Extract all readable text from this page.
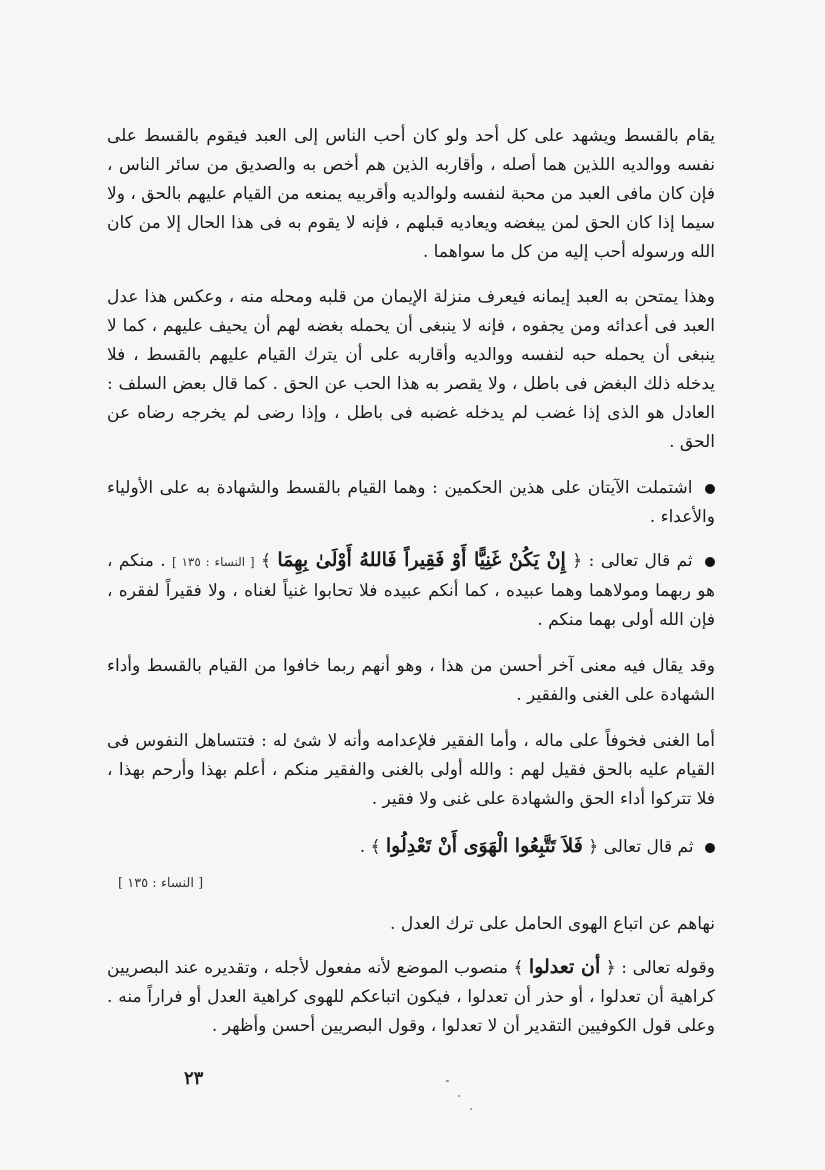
يقام بالقسط ويشهد على كل أحد ولو كان أحب الناس إلى العبد فيقوم بالقسط على نفسه ووالديه اللذين هما أصله ، وأقاربه الذين هم أخص به والصديق من سائر الناس ، فإن كان مافى العبد من محبة لنفسه ولوالديه وأقربيه يمنعه من القيام عليهم بالحق ، ولا سيما إذا كان الحق لمن يبغضه ويعاديه قبلهم ، فإنه لا يقوم به فى هذا الحال إلا من كان الله ورسوله أحب إليه من كل ما سواهما .
وهذا يمتحن به العبد إيمانه فيعرف منزلة الإيمان من قلبه ومحله منه ، وعكس هذا عدل العبد فى أعدائه ومن يجفوه ، فإنه لا ينبغى أن يحمله بغضه لهم أن يحيف عليهم ، كما لا ينبغى أن يحمله حبه لنفسه ووالديه وأقاربه على أن يترك القيام عليهم بالقسط ، فلا يدخله ذلك البغض فى باطل ، ولا يقصر به هذا الحب عن الحق . كما قال بعض السلف : العادل هو الذى إذا غضب لم يدخله غضبه فى باطل ، وإذا رضى لم يخرجه رضاه عن الحق .
اشتملت الآيتان على هذين الحكمين : وهما القيام بالقسط والشهادة به على الأولياء والأعداء .
ثم قال تعالى : ﴿ إِنْ يَكُنْ غَنِيًّا أَوْ فَقِيراً فَاللهُ أَوْلَىٰ بِهِمَا ﴾ [ النساء : ١٣٥ ] . منكم ، هو ربهما ومولاهما وهما عبيده ، كما أنكم عبيده فلا تحابوا غنياً لغناه ، ولا فقيراً لفقره ، فإن الله أولى بهما منكم .
وقد يقال فيه معنى آخر أحسن من هذا ، وهو أنهم ربما خافوا من القيام بالقسط وأداء الشهادة على الغنى والفقير .
أما الغنى فخوفاً على ماله ، وأما الفقير فلإعدامه وأنه لا شئ له : فتتساهل النفوس فى القيام عليه بالحق فقيل لهم : والله أولى بالغنى والفقير منكم ، أعلم بهذا وأرحم بهذا ، فلا تتركوا أداء الحق والشهادة على غنى ولا فقير .
ثم قال تعالى ﴿ فَلاَ تَتَّبِعُوا الْهَوَى أَنْ تَعْدِلُوا ﴾ .
[ النساء : ١٣٥ ]
نهاهم عن اتباع الهوى الحامل على ترك العدل .
وقوله تعالى : ﴿ أن تعدلوا ﴾ منصوب الموضع لأنه مفعول لأجله ، وتقديره عند البصريين كراهية أن تعدلوا ، أو حذر أن تعدلوا ، فيكون اتباعكم للهوى كراهية العدل أو فراراً منه . وعلى قول الكوفيين التقدير أن لا تعدلوا ، وقول البصريين أحسن وأظهر .
٢٣
